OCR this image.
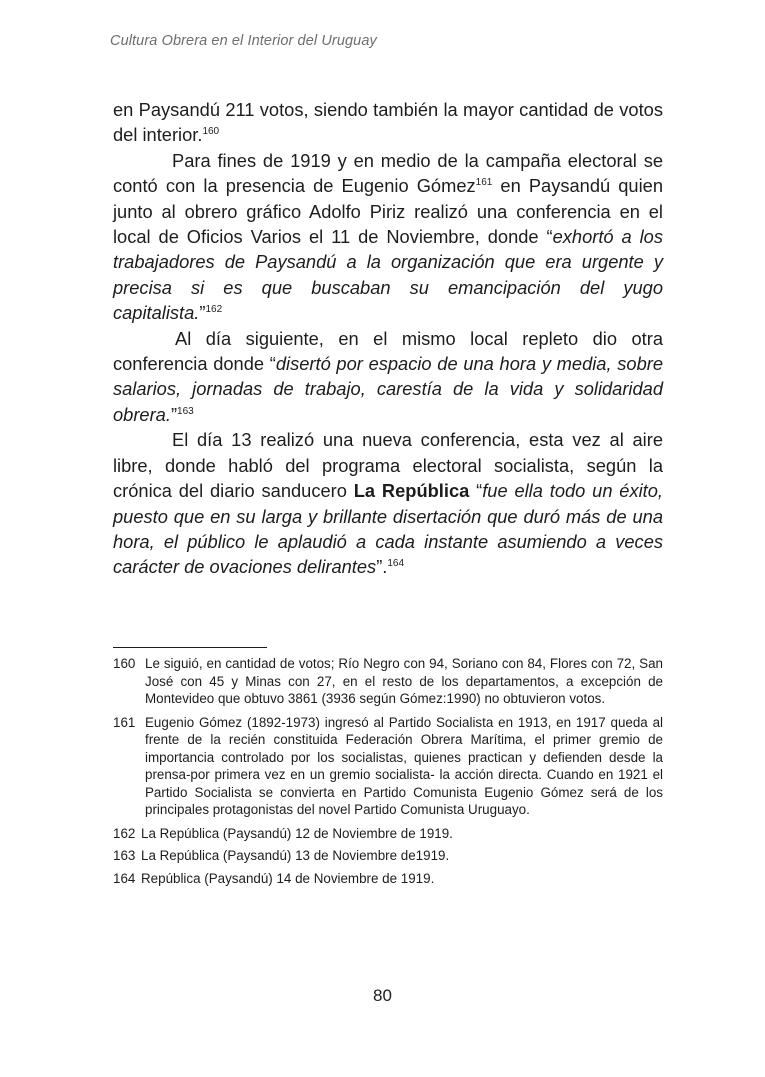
Cultura Obrera en el Interior del Uruguay

en Paysandú 211 votos, siendo también la mayor cantidad de votos del interior.$^{160}$

Para fines de 1919 y en medio de la campaña electoral se contó con la presencia de Eugenio Gómez$^{161}$ en Paysandú quien junto al obrero gráfico Adolfo Piriz realizó una conferencia en el local de Oficios Varios el 11 de Noviembre, donde “exhortó a los trabajadores de Paysandú a la organización que era urgente y precisa si es que buscaban su emancipación del yugo capitalista.”$^{162}$

Al día siguiente, en el mismo local repleto dio otra conferencia donde “disertó por espacio de una hora y media, sobre salarios, jornadas de trabajo, carestía de la vida y solidaridad obrera.”$^{163}$

El día 13 realizó una nueva conferencia, esta vez al aire libre, donde habló del programa electoral socialista, según la crónica del diario sanducero La República “fue ella todo un éxito, puesto que en su larga y brillante disertación que duró más de una hora, el público le aplaudió a cada instante asumiendo a veces carácter de ovaciones delirantes”.$^{164}$

160 Le siguió, en cantidad de votos; Río Negro con 94, Soriano con 84, Flores con 72, San José con 45 y Minas con 27, en el resto de los departamentos, a excepción de Montevideo que obtuvo 3861 (3936 según Gómez:1990) no obtuvieron votos.
161 Eugenio Gómez (1892-1973) ingresó al Partido Socialista en 1913, en 1917 queda al frente de la recién constituida Federación Obrera Marítima, el primer gremio de importancia controlado por los socialistas, quienes practican y defienden desde la prensa-por primera vez en un gremio socialista- la acción directa. Cuando en 1921 el Partido Socialista se convierta en Partido Comunista Eugenio Gómez será de los principales protagonistas del novel Partido Comunista Uruguayo.
162 La República (Paysandú) 12 de Noviembre de 1919.
163 La República (Paysandú) 13 de Noviembre de1919.
164 República (Paysandú) 14 de Noviembre de 1919.
80
